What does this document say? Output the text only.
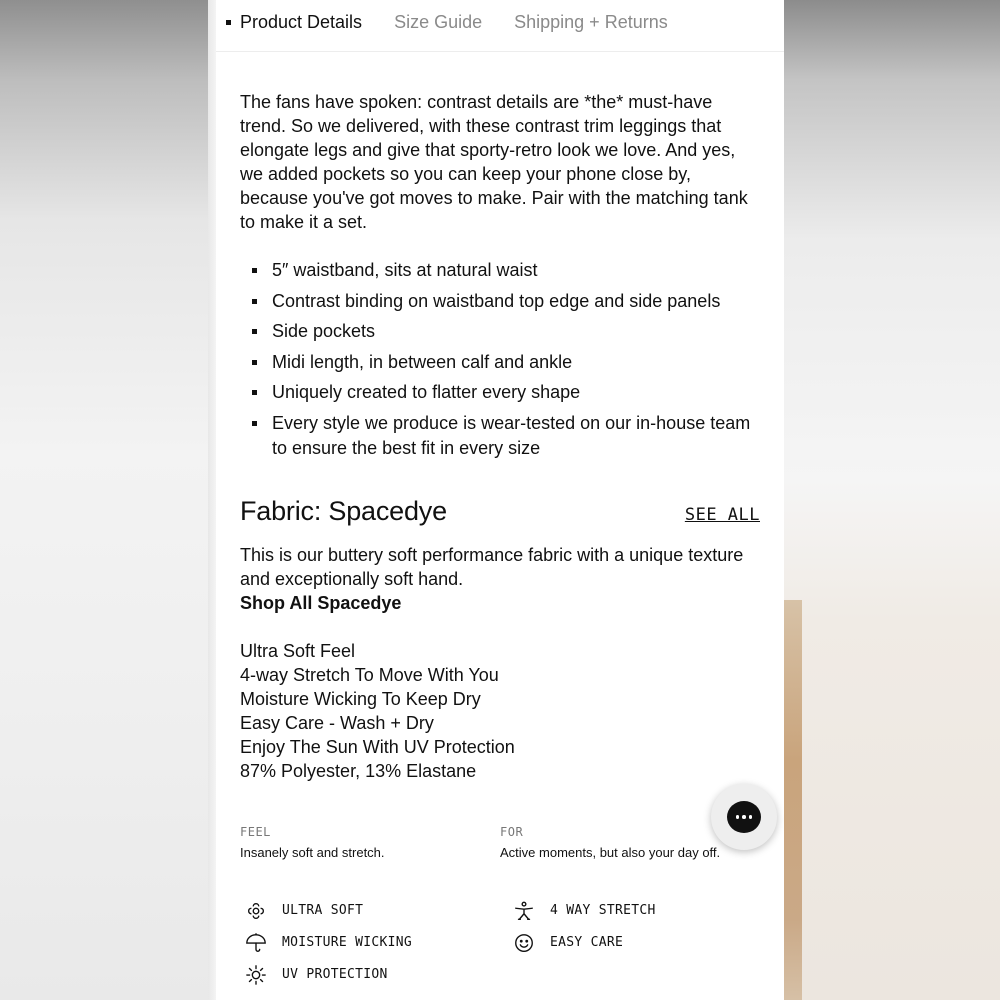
Product Details Size Guide Shipping + Returns

The fans have spoken: contrast details are *the* must-have trend. So we delivered, with these contrast trim leggings that elongate legs and give that sporty-retro look we love. And yes, we added pockets so you can keep your phone close by, because you've got moves to make. Pair with the matching tank to make it a set.

5″ waistband, sits at natural waist
Contrast binding on waistband top edge and side panels
Side pockets
Midi length, in between calf and ankle
Uniquely created to flatter every shape
Every style we produce is wear-tested on our in-house team to ensure the best fit in every size
Fabric: Spacedye	SEE ALL

This is our buttery soft performance fabric with a unique texture and exceptionally soft hand.

Shop All Spacedye
Ultra Soft Feel
4-way Stretch To Move With You
Moisture Wicking To Keep Dry
Easy Care - Wash + Dry
Enjoy The Sun With UV Protection
87% Polyester, 13% Elastane
FEEL
Insanely soft and stretch.
FOR
Active moments, but also your day off.
ULTRA SOFT	4 WAY STRETCH
MOISTURE WICKING	EASY CARE
UV PROTECTION
